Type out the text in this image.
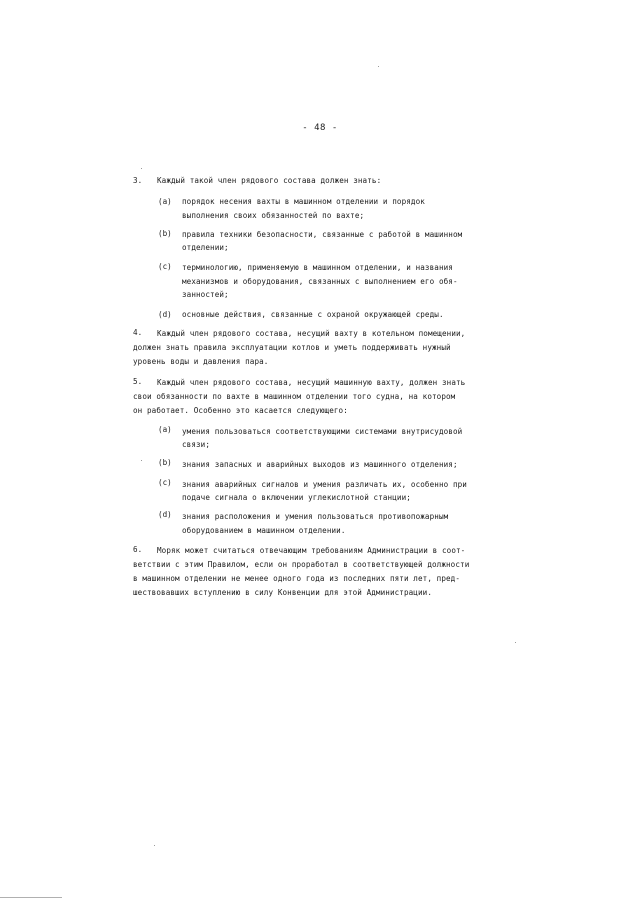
- 48 -
3. Каждый такой член рядового состава должен знать:
(a) порядок несения вахты в машинном отделении и порядок
выполнения своих обязанностей по вахте;
(b) правила техники безопасности, связанные с работой в машинном
отделении;
(c) терминологию, применяемую в машинном отделении, и названия
механизмов и оборудования, связанных с выполнением его обя-
занностей;
(d) основные действия, связанные с охраной окружающей среды.
4. Каждый член рядового состава, несущий вахту в котельном помещении,
должен знать правила эксплуатации котлов и уметь поддерживать нужный
уровень воды и давления пара.
5. Каждый член рядового состава, несущий машинную вахту, должен знать
свои обязанности по вахте в машинном отделении того судна, на котором
он работает. Особенно это касается следующего:
(a) умения пользоваться соответствующими системами внутрисудовой
связи;
(b) знания запасных и аварийных выходов из машинного отделения;
(c) знания аварийных сигналов и умения различать их, особенно при
подаче сигнала о включении углекислотной станции;
(d) знания расположения и умения пользоваться противопожарным
оборудованием в машинном отделении.
6. Моряк может считаться отвечающим требованиям Администрации в соот-
ветствии с этим Правилом, если он проработал в соответствующей должности
в машинном отделении не менее одного года из последних пяти лет, пред-
шествовавших вступлению в силу Конвенции для этой Администрации.
